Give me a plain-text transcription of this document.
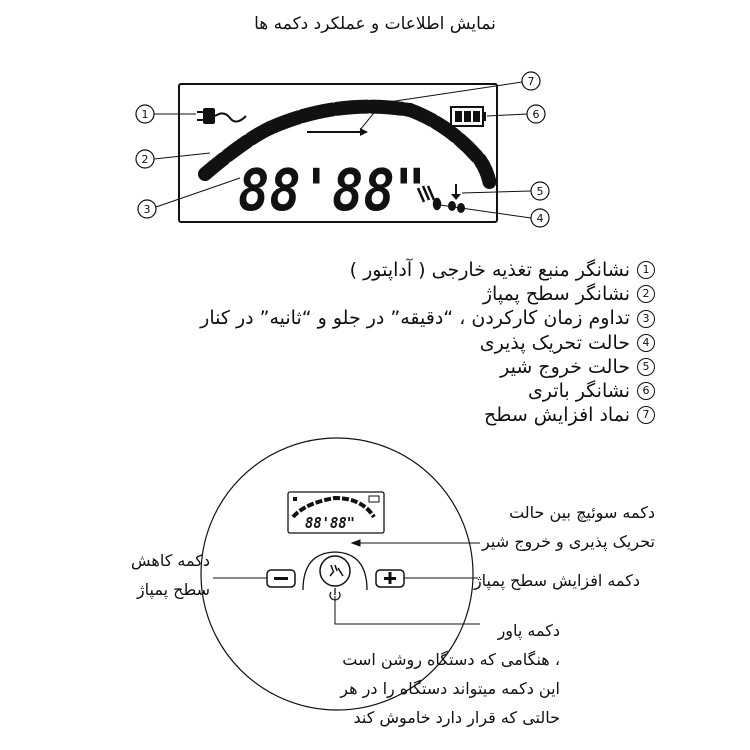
نمایش اطلاعات و عملکرد دکمه ها
1
2
3
4
5
6
7
88'88"
88'88"
1
نشانگر منبع تغذیه خارجی ( آداپتور )
2
نشانگر سطح پمپاژ
3
تداوم زمان کارکردن ، “دقیقه” در جلو و “ثانیه” در کنار
4
حالت تحریک پذیری
5
حالت خروج شیر
6
نشانگر باتری
7
نماد افزایش سطح
دکمه سوئیچ بین حالت
تحریک پذیری و خروج شیر
دکمه افزایش سطح پمپاژ
دکمه کاهش
سطح پمپاژ
دکمه پاور
، هنگامی که دستگاه روشن است
این دکمه میتواند دستگاه را در هر
حالتی که قرار دارد خاموش کند
